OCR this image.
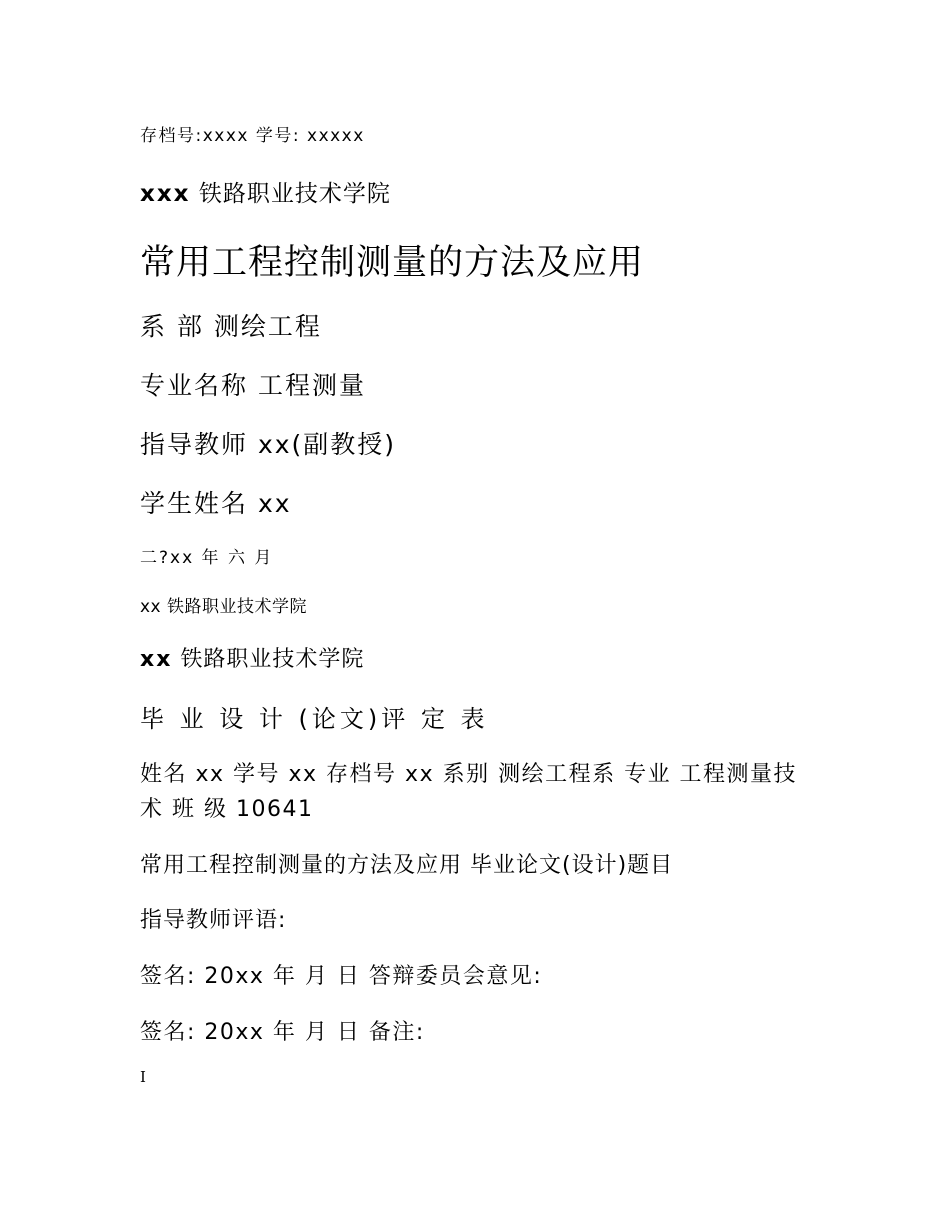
存档号:xxxx 学号: xxxxx

xxx 铁路职业技术学院

常用工程控制测量的方法及应用

系 部 测绘工程

专业名称 工程测量

指导教师 xx(副教授)

学生姓名 xx

二?xx 年 六 月

xx 铁路职业技术学院

xx 铁路职业技术学院

毕 业 设 计 (论文)评 定 表

姓名 xx 学号 xx 存档号 xx 系别 测绘工程系 专业 工程测量技术 班 级 10641

常用工程控制测量的方法及应用 毕业论文(设计)题目

指导教师评语:

签名: 20xx 年 月 日 答辩委员会意见:

签名: 20xx 年 月 日 备注:

I
